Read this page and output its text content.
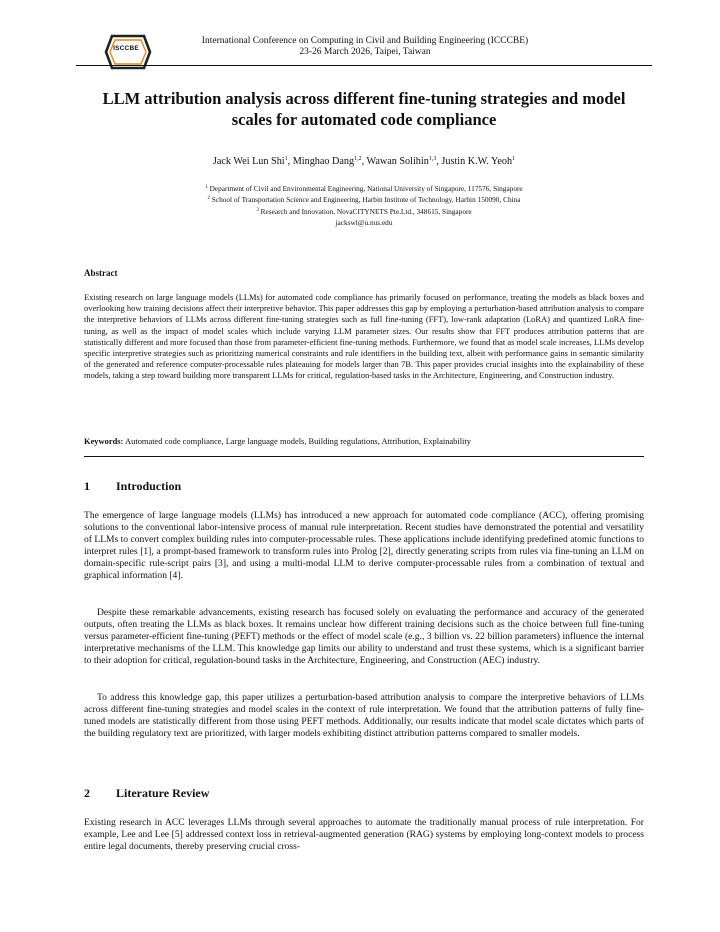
ISCCBE
International Conference on Computing in Civil and Building Engineering (ICCCBE)
23-26 March 2026, Taipei, Taiwan
LLM attribution analysis across different fine-tuning strategies and model
scales for automated code compliance
Jack Wei Lun Shi$^1$, Minghao Dang$^{1,2}$, Wawan Solihin$^{1,3}$, Justin K.W. Yeoh$^1$
$^1$ Department of Civil and Environmental Engineering, National University of Singapore, 117576, Singapore
$^2$ School of Transportation Science and Engineering, Harbin Institute of Technology, Harbin 150090, China
$^3$ Research and Innovation, NovaCITYNETS Pte.Ltd., 348615, Singapore
jackswl@u.nus.edu
Abstract
Existing research on large language models (LLMs) for automated code compliance has primarily focused on performance, treating the models as black boxes and overlooking how training decisions affect their interpretive behavior. This paper addresses this gap by employing a perturbation-based attribution analysis to compare the interpretive behaviors of LLMs across different fine-tuning strategies such as full fine-tuning (FFT), low-rank adaptation (LoRA) and quantized LoRA fine-tuning, as well as the impact of model scales which include varying LLM parameter sizes. Our results show that FFT produces attribution patterns that are statistically different and more focused than those from parameter-efficient fine-tuning methods. Furthermore, we found that as model scale increases, LLMs develop specific interpretive strategies such as prioritizing numerical constraints and rule identifiers in the building text, albeit with performance gains in semantic similarity of the generated and reference computer-processable rules plateauing for models larger than 7B. This paper provides crucial insights into the explainability of these models, taking a step toward building more transparent LLMs for critical, regulation-based tasks in the Architecture, Engineering, and Construction industry.
Keywords: Automated code compliance, Large language models, Building regulations, Attribution, Explainability
1 Introduction

The emergence of large language models (LLMs) has introduced a new approach for automated code compliance (ACC), offering promising solutions to the conventional labor-intensive process of manual rule interpretation. Recent studies have demonstrated the potential and versatility of LLMs to convert complex building rules into computer-processable rules. These applications include identifying predefined atomic functions to interpret rules [1], a prompt-based framework to transform rules into Prolog [2], directly generating scripts from rules via fine-tuning an LLM on domain-specific rule-script pairs [3], and using a multi-modal LLM to derive computer-processable rules from a combination of textual and graphical information [4].

Despite these remarkable advancements, existing research has focused solely on evaluating the performance and accuracy of the generated outputs, often treating the LLMs as black boxes. It remains unclear how different training decisions such as the choice between full fine-tuning versus parameter-efficient fine-tuning (PEFT) methods or the effect of model scale (e.g., 3 billion vs. 22 billion parameters) influence the internal interpretative mechanisms of the LLM. This knowledge gap limits our ability to understand and trust these systems, which is a significant barrier to their adoption for critical, regulation-bound tasks in the Architecture, Engineering, and Construction (AEC) industry.

To address this knowledge gap, this paper utilizes a perturbation-based attribution analysis to compare the interpretive behaviors of LLMs across different fine-tuning strategies and model scales in the context of rule interpretation. We found that the attribution patterns of fully fine-tuned models are statistically different from those using PEFT methods. Additionally, our results indicate that model scale dictates which parts of the building regulatory text are prioritized, with larger models exhibiting distinct attribution patterns compared to smaller models.

2 Literature Review

Existing research in ACC leverages LLMs through several approaches to automate the traditionally manual process of rule interpretation. For example, Lee and Lee [5] addressed context loss in retrieval-augmented generation (RAG) systems by employing long-context models to process entire legal documents, thereby preserving crucial cross-
